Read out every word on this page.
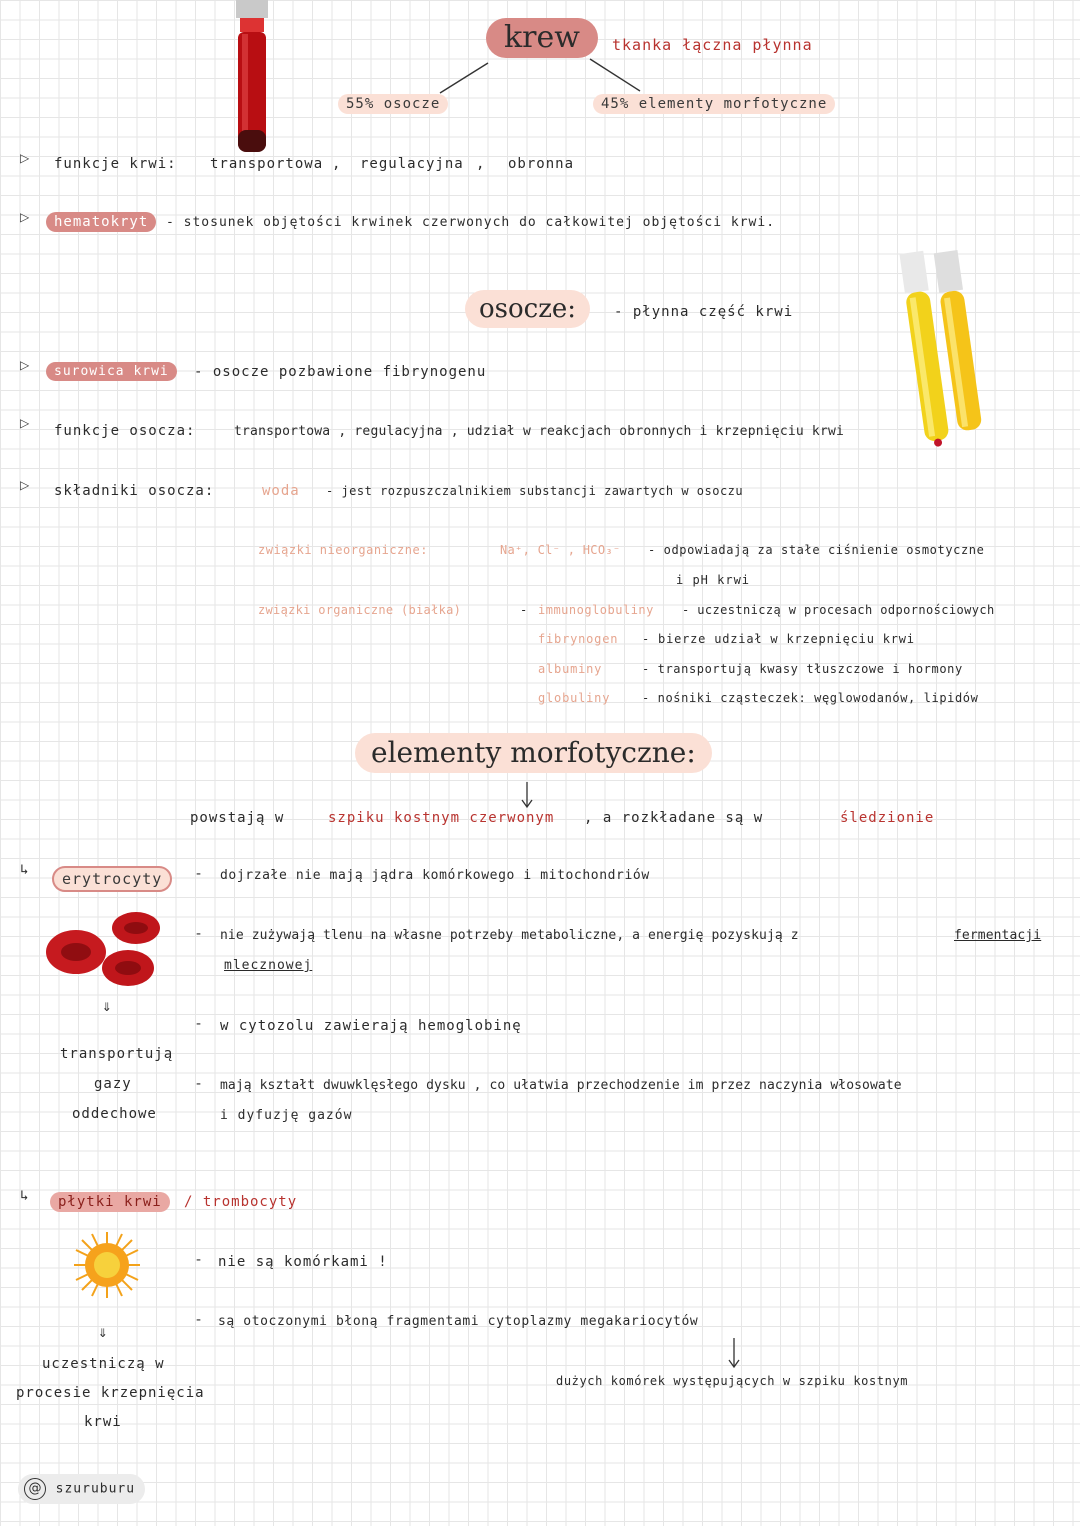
krew	tkanka łączna płynna
55% osocze	45% elementy morfotyczne
▷ funkcje krwi: transportowa , regulacyjna , obronna
▷	hematokryt	- stosunek objętości krwinek czerwonych do całkowitej objętości krwi.
osocze:	- płynna część krwi
▷	surowica krwi	- osocze pozbawione fibrynogenu
▷ funkcje osocza:	transportowa , regulacyjna , udział w reakcjach obronnych i krzepnięciu krwi
▷ składniki osocza:	woda - jest rozpuszczalnikiem substancji zawartych w osoczu
związki nieorganiczne:	Na⁺, Cl⁻ , HCO₃⁻ - odpowiadają za stałe ciśnienie osmotyczne
i pH krwi
związki organiczne (białka)	- immunoglobuliny - uczestniczą w procesach odpornościowych
fibrynogen - bierze udział w krzepnięciu krwi
albuminy	- transportują kwasy tłuszczowe i hormony
globuliny	- nośniki cząsteczek: węglowodanów, lipidów
elementy morfotyczne:
powstają w	szpiku kostnym czerwonym , a rozkładane są w	śledzionie
↳	erytrocyty
⇓
transportują
gazy
oddechowe
- dojrzałe nie mają jądra komórkowego i mitochondriów
- nie zużywają tlenu na własne potrzeby metaboliczne, a energię pozyskują z	fermentacji
mlecznowej
- w cytozolu zawierają hemoglobinę
- mają kształt dwuwklęsłego dysku , co ułatwia przechodzenie im przez naczynia włosowate
i dyfuzję gazów
↳	płytki krwi	/ trombocyty
⇓
uczestniczą w
procesie krzepnięcia
krwi
- nie są komórkami !
- są otoczonymi błoną fragmentami cytoplazmy megakariocytów
dużych komórek występujących w szpiku kostnym
@ szuruburu
